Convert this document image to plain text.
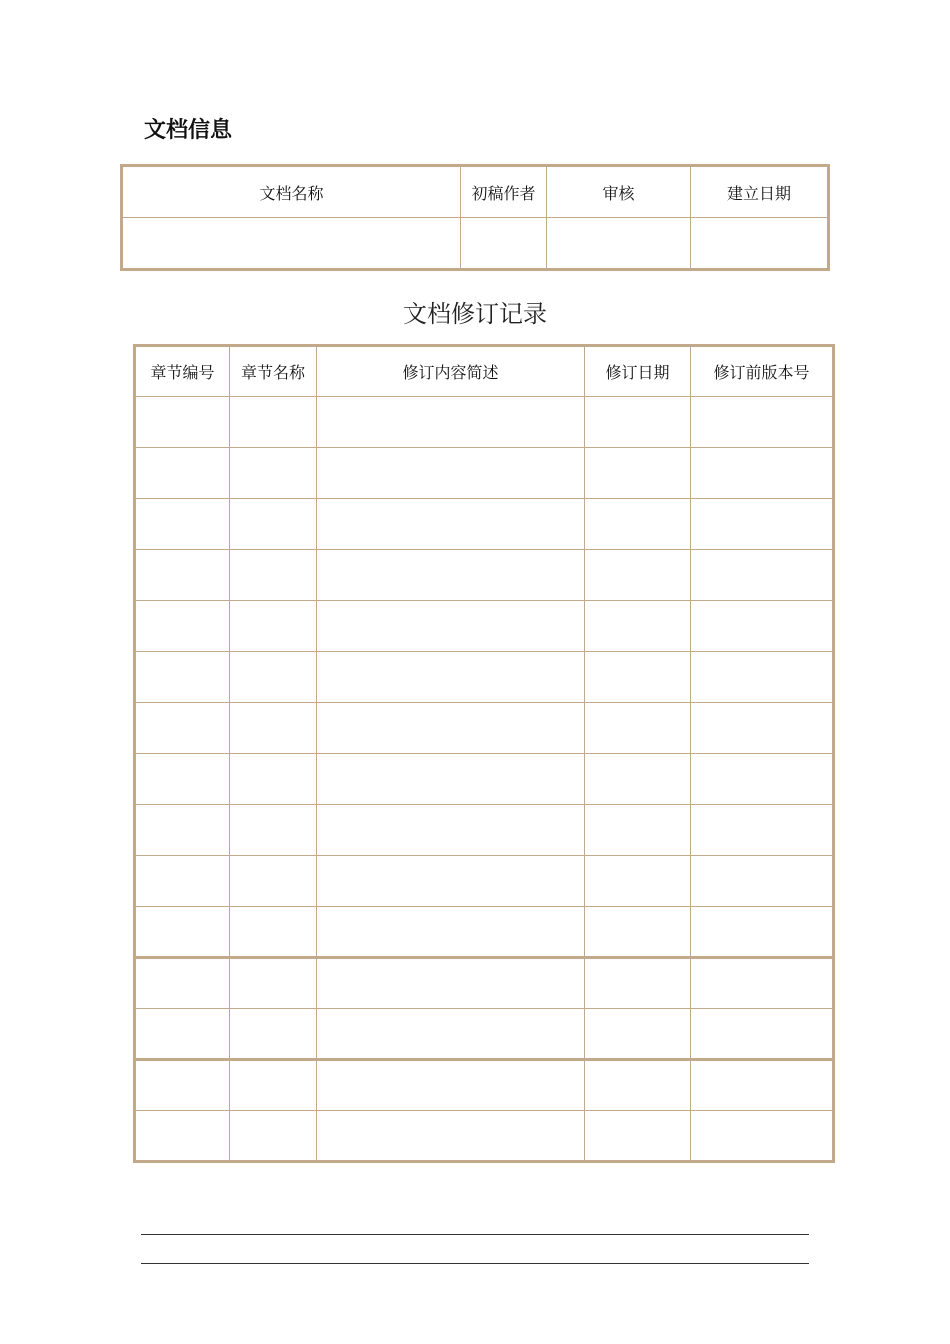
文档信息
文档名称	初稿作者	审核	建立日期

文档修订记录
章节编号	章节名称	修订内容简述	修订日期	修订前版本号
